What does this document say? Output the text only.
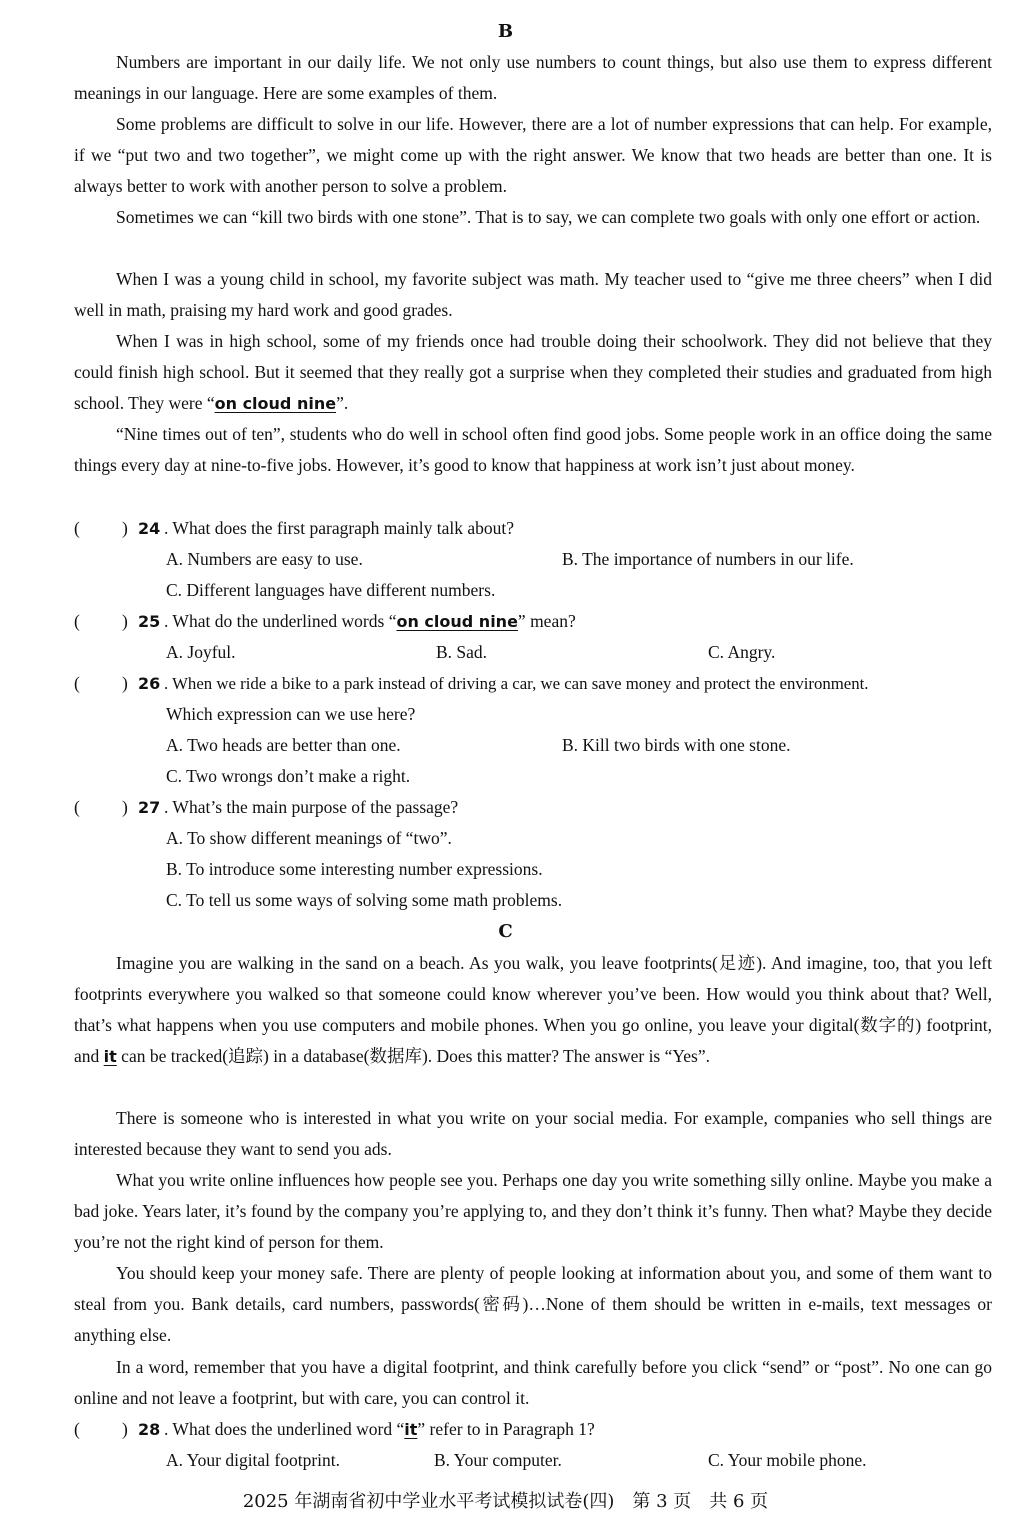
B

Numbers are important in our daily life. We not only use numbers to count things, but also use them to express different meanings in our language. Here are some examples of them.

Some problems are difficult to solve in our life. However, there are a lot of number expressions that can help. For example, if we “put two and two together”, we might come up with the right answer. We know that two heads are better than one. It is always better to work with another person to solve a problem.

Sometimes we can “kill two birds with one stone”. That is to say, we can complete two goals with only one effort or action.

When I was a young child in school, my favorite subject was math. My teacher used to “give me three cheers” when I did well in math, praising my hard work and good grades.

When I was in high school, some of my friends once had trouble doing their schoolwork. They did not believe that they could finish high school. But it seemed that they really got a surprise when they completed their studies and graduated from high school. They were “on cloud nine”.

“Nine times out of ten”, students who do well in school often find good jobs. Some people work in an office doing the same things every day at nine-to-five jobs. However, it’s good to know that happiness at work isn’t just about money.

( ) 24 . What does the first paragraph mainly talk about?
A. Numbers are easy to use.	B. The importance of numbers in our life.
C. Different languages have different numbers.
( ) 25 . What do the underlined words “on cloud nine” mean?
A. Joyful.	B. Sad.	C. Angry.
( ) 26 . When we ride a bike to a park instead of driving a car, we can save money and protect the environment.
Which expression can we use here?
A. Two heads are better than one.	B. Kill two birds with one stone.
C. Two wrongs don’t make a right.
( ) 27 . What’s the main purpose of the passage?
A. To show different meanings of “two”.
B. To introduce some interesting number expressions.
C. To tell us some ways of solving some math problems.
C

Imagine you are walking in the sand on a beach. As you walk, you leave footprints(足迹). And imagine, too, that you left footprints everywhere you walked so that someone could know wherever you’ve been. How would you think about that? Well, that’s what happens when you use computers and mobile phones. When you go online, you leave your digital(数字的) footprint, and it can be tracked(追踪) in a database(数据库). Does this matter? The answer is “Yes”.

There is someone who is interested in what you write on your social media. For example, companies who sell things are interested because they want to send you ads.

What you write online influences how people see you. Perhaps one day you write something silly online. Maybe you make a bad joke. Years later, it’s found by the company you’re applying to, and they don’t think it’s funny. Then what? Maybe they decide you’re not the right kind of person for them.

You should keep your money safe. There are plenty of people looking at information about you, and some of them want to steal from you. Bank details, card numbers, passwords(密码)…None of them should be written in e-mails, text messages or anything else.

In a word, remember that you have a digital footprint, and think carefully before you click “send” or “post”. No one can go online and not leave a footprint, but with care, you can control it.

( ) 28 . What does the underlined word “it” refer to in Paragraph 1?
A. Your digital footprint.	B. Your computer.	C. Your mobile phone.
2025 年湖南省初中学业水平考试模拟试卷(四)　第 3 页　共 6 页
